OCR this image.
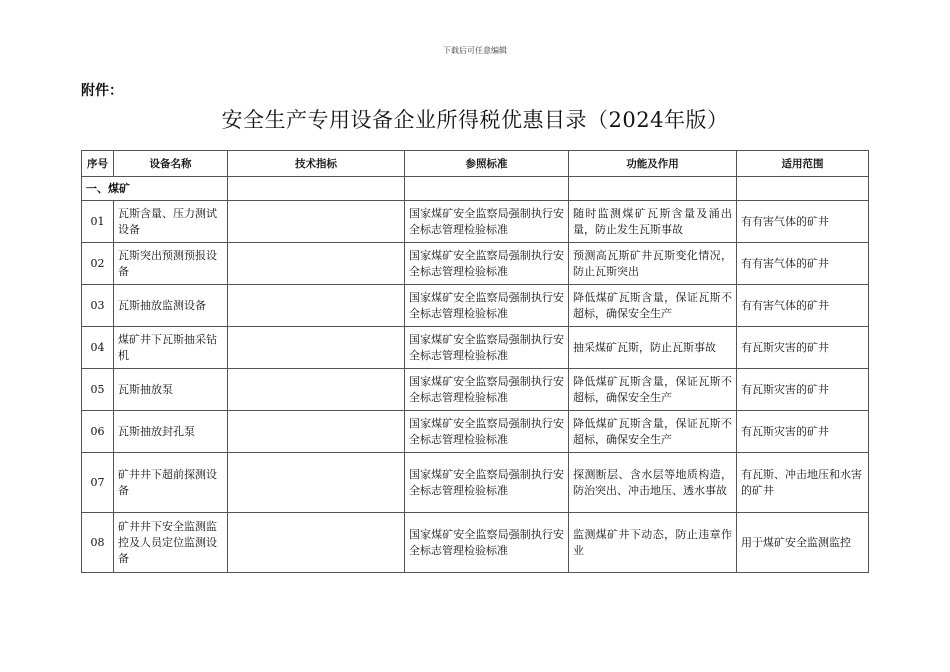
下载后可任意编辑
附件：
安全生产专用设备企业所得税优惠目录（2024年版）
序号	设备名称	技术指标	参照标准	功能及作用	适用范围
一、煤矿					
01	瓦斯含量、压力测试设备		国家煤矿安全监察局强制执行安全标志管理检验标准	随时监测煤矿瓦斯含量及涌出量，防止发生瓦斯事故	有有害气体的矿井
02	瓦斯突出预测预报设备		国家煤矿安全监察局强制执行安全标志管理检验标准	预测高瓦斯矿井瓦斯变化情况，防止瓦斯突出	有有害气体的矿井
03	瓦斯抽放监测设备		国家煤矿安全监察局强制执行安全标志管理检验标准	降低煤矿瓦斯含量，保证瓦斯不超标，确保安全生产	有有害气体的矿井
04	煤矿井下瓦斯抽采钻机		国家煤矿安全监察局强制执行安全标志管理检验标准	抽采煤矿瓦斯，防止瓦斯事故	有瓦斯灾害的矿井
05	瓦斯抽放泵		国家煤矿安全监察局强制执行安全标志管理检验标准	降低煤矿瓦斯含量，保证瓦斯不超标，确保安全生产	有瓦斯灾害的矿井
06	瓦斯抽放封孔泵		国家煤矿安全监察局强制执行安全标志管理检验标准	降低煤矿瓦斯含量，保证瓦斯不超标，确保安全生产	有瓦斯灾害的矿井
07	矿井井下超前探测设备		国家煤矿安全监察局强制执行安全标志管理检验标准	探测断层、含水层等地质构造，防治突出、冲击地压、透水事故	有瓦斯、冲击地压和水害的矿井
08	矿井井下安全监测监控及人员定位监测设备		国家煤矿安全监察局强制执行安全标志管理检验标准	监测煤矿井下动态，防止违章作业	用于煤矿安全监测监控
